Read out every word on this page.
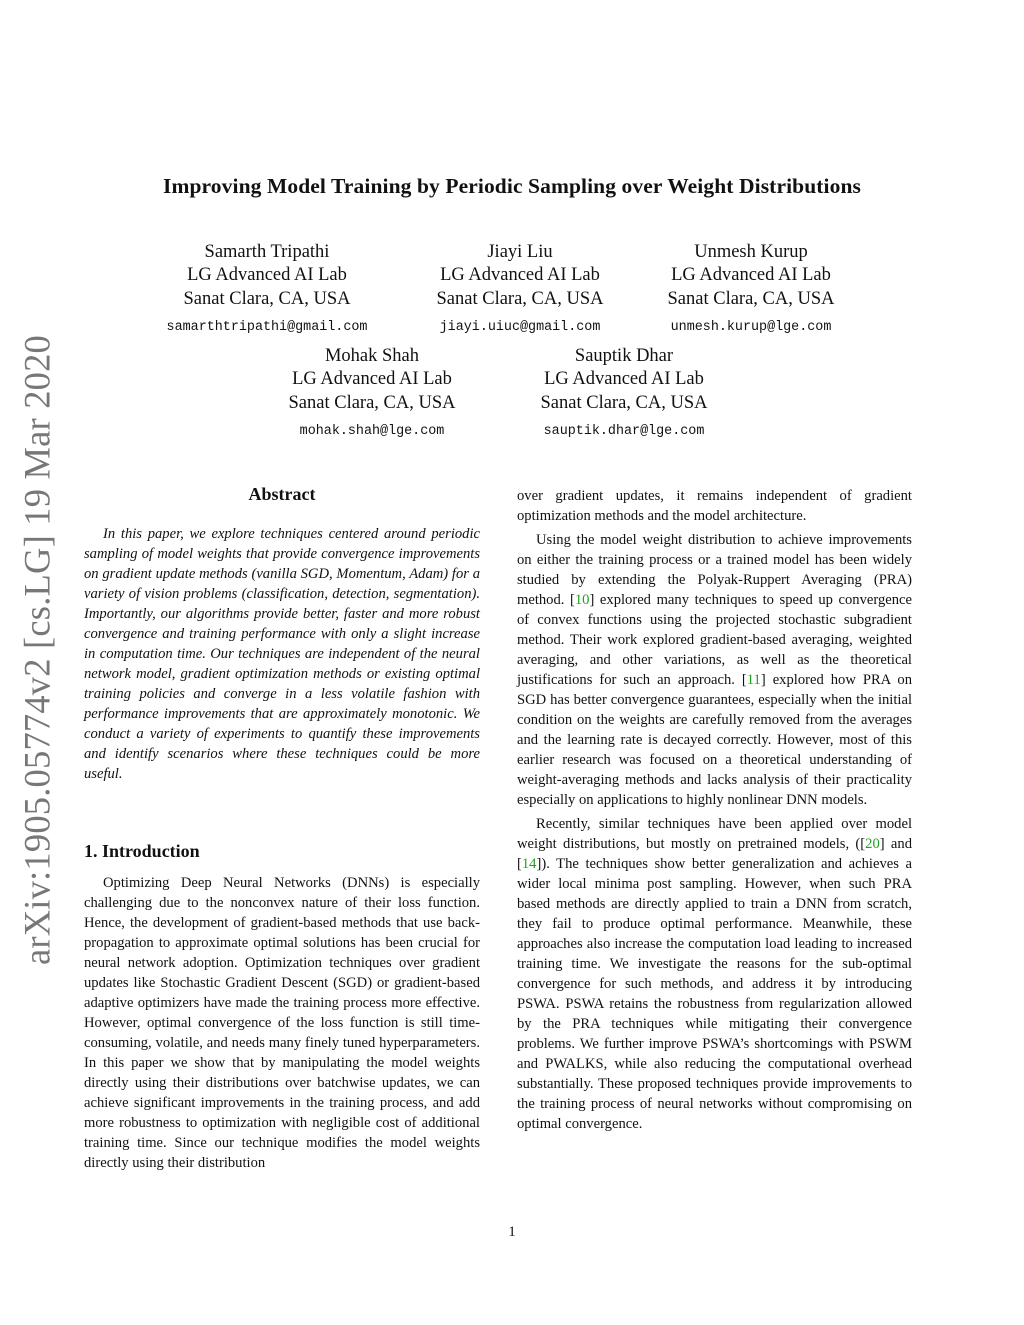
arXiv:1905.05774v2 [cs.LG] 19 Mar 2020
Improving Model Training by Periodic Sampling over Weight Distributions
Samarth Tripathi
LG Advanced AI Lab
Sanat Clara, CA, USA
samarthtripathi@gmail.com
Jiayi Liu
LG Advanced AI Lab
Sanat Clara, CA, USA
jiayi.uiuc@gmail.com
Unmesh Kurup
LG Advanced AI Lab
Sanat Clara, CA, USA
unmesh.kurup@lge.com
Mohak Shah
LG Advanced AI Lab
Sanat Clara, CA, USA
mohak.shah@lge.com
Sauptik Dhar
LG Advanced AI Lab
Sanat Clara, CA, USA
sauptik.dhar@lge.com
Abstract

In this paper, we explore techniques centered around periodic sampling of model weights that provide convergence improvements on gradient update methods (vanilla SGD, Momentum, Adam) for a variety of vision problems (classification, detection, segmentation). Importantly, our algorithms provide better, faster and more robust convergence and training performance with only a slight increase in computation time. Our techniques are independent of the neural network model, gradient optimization methods or existing optimal training policies and converge in a less volatile fashion with performance improvements that are approximately monotonic. We conduct a variety of experiments to quantify these improvements and identify scenarios where these techniques could be more useful.

1. Introduction

Optimizing Deep Neural Networks (DNNs) is especially challenging due to the nonconvex nature of their loss function. Hence, the development of gradient-based methods that use back-propagation to approximate optimal solutions has been crucial for neural network adoption. Optimization techniques over gradient updates like Stochastic Gradient Descent (SGD) or gradient-based adaptive optimizers have made the training process more effective. However, optimal convergence of the loss function is still time-consuming, volatile, and needs many finely tuned hyperparameters. In this paper we show that by manipulating the model weights directly using their distributions over batchwise updates, we can achieve significant improvements in the training process, and add more robustness to optimization with negligible cost of additional training time. Since our technique modifies the model weights directly using their distribution

over gradient updates, it remains independent of gradient optimization methods and the model architecture.

Using the model weight distribution to achieve improvements on either the training process or a trained model has been widely studied by extending the Polyak-Ruppert Averaging (PRA) method. [10] explored many techniques to speed up convergence of convex functions using the projected stochastic subgradient method. Their work explored gradient-based averaging, weighted averaging, and other variations, as well as the theoretical justifications for such an approach. [11] explored how PRA on SGD has better convergence guarantees, especially when the initial condition on the weights are carefully removed from the averages and the learning rate is decayed correctly. However, most of this earlier research was focused on a theoretical understanding of weight-averaging methods and lacks analysis of their practicality especially on applications to highly nonlinear DNN models.

Recently, similar techniques have been applied over model weight distributions, but mostly on pretrained models, ([20] and [14]). The techniques show better generalization and achieves a wider local minima post sampling. However, when such PRA based methods are directly applied to train a DNN from scratch, they fail to produce optimal performance. Meanwhile, these approaches also increase the computation load leading to increased training time. We investigate the reasons for the sub-optimal convergence for such methods, and address it by introducing PSWA. PSWA retains the robustness from regularization allowed by the PRA techniques while mitigating their convergence problems. We further improve PSWA’s shortcomings with PSWM and PWALKS, while also reducing the computational overhead substantially. These proposed techniques provide improvements to the training process of neural networks without compromising on optimal convergence.

1
